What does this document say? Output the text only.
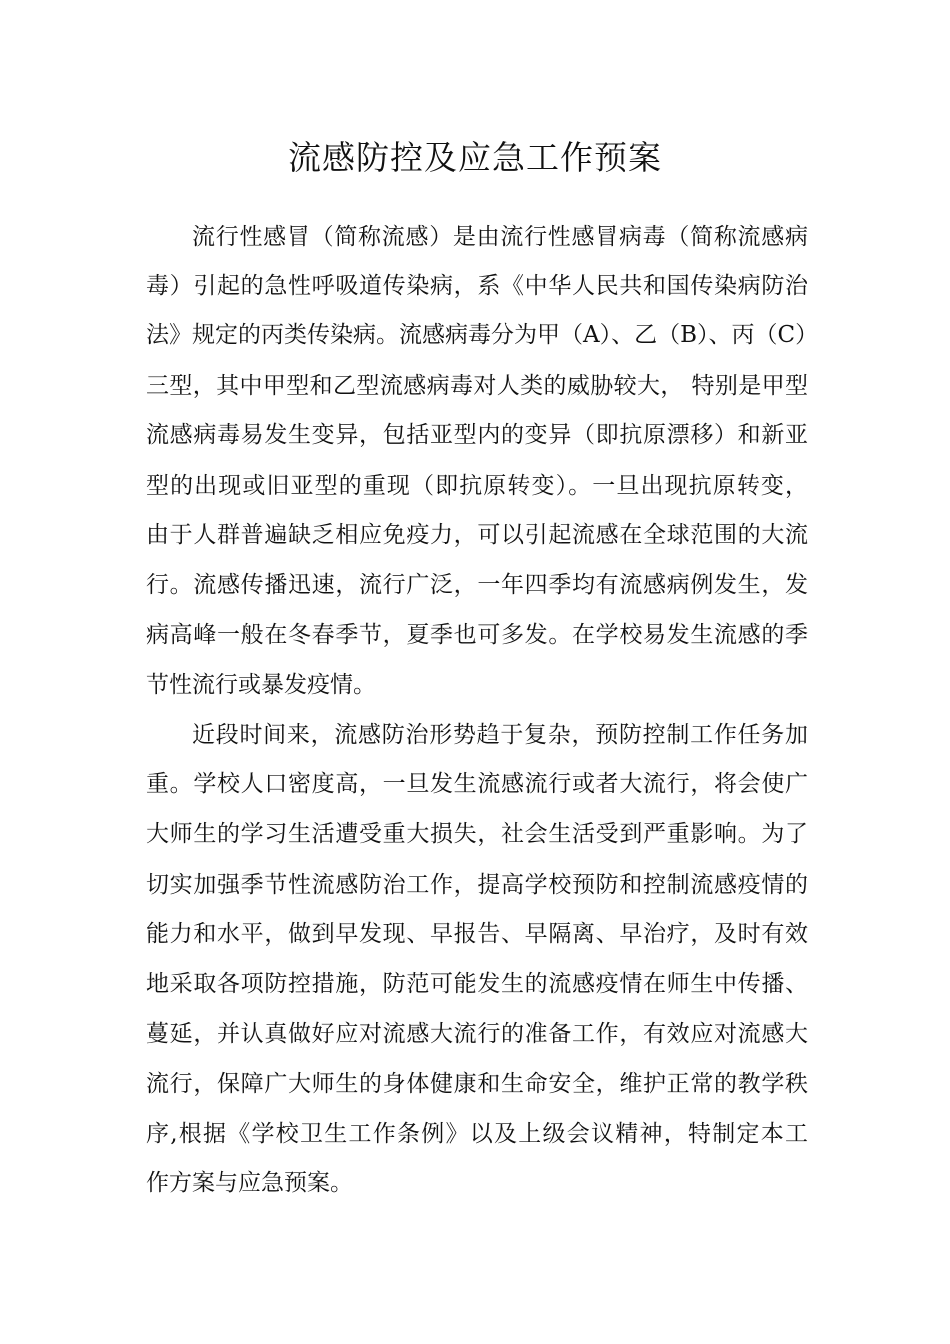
流感防控及应急工作预案
流行性感冒（简称流感）是由流行性感冒病毒（简称流感病
毒）引起的急性呼吸道传染病，系《中华人民共和国传染病防治
法》规定的丙类传染病。流感病毒分为甲（A）、乙（B）、丙（C）
三型，其中甲型和乙型流感病毒对人类的威胁较大， 特别是甲型
流感病毒易发生变异，包括亚型内的变异（即抗原漂移）和新亚
型的出现或旧亚型的重现（即抗原转变）。一旦出现抗原转变，
由于人群普遍缺乏相应免疫力，可以引起流感在全球范围的大流
行。流感传播迅速，流行广泛，一年四季均有流感病例发生，发
病高峰一般在冬春季节，夏季也可多发。在学校易发生流感的季
节性流行或暴发疫情。
近段时间来，流感防治形势趋于复杂，预防控制工作任务加
重。学校人口密度高，一旦发生流感流行或者大流行，将会使广
大师生的学习生活遭受重大损失，社会生活受到严重影响。为了
切实加强季节性流感防治工作，提高学校预防和控制流感疫情的
能力和水平，做到早发现、早报告、早隔离、早治疗，及时有效
地采取各项防控措施，防范可能发生的流感疫情在师生中传播、
蔓延，并认真做好应对流感大流行的准备工作，有效应对流感大
流行，保障广大师生的身体健康和生命安全，维护正常的教学秩
序,根据《学校卫生工作条例》以及上级会议精神，特制定本工
作方案与应急预案。
